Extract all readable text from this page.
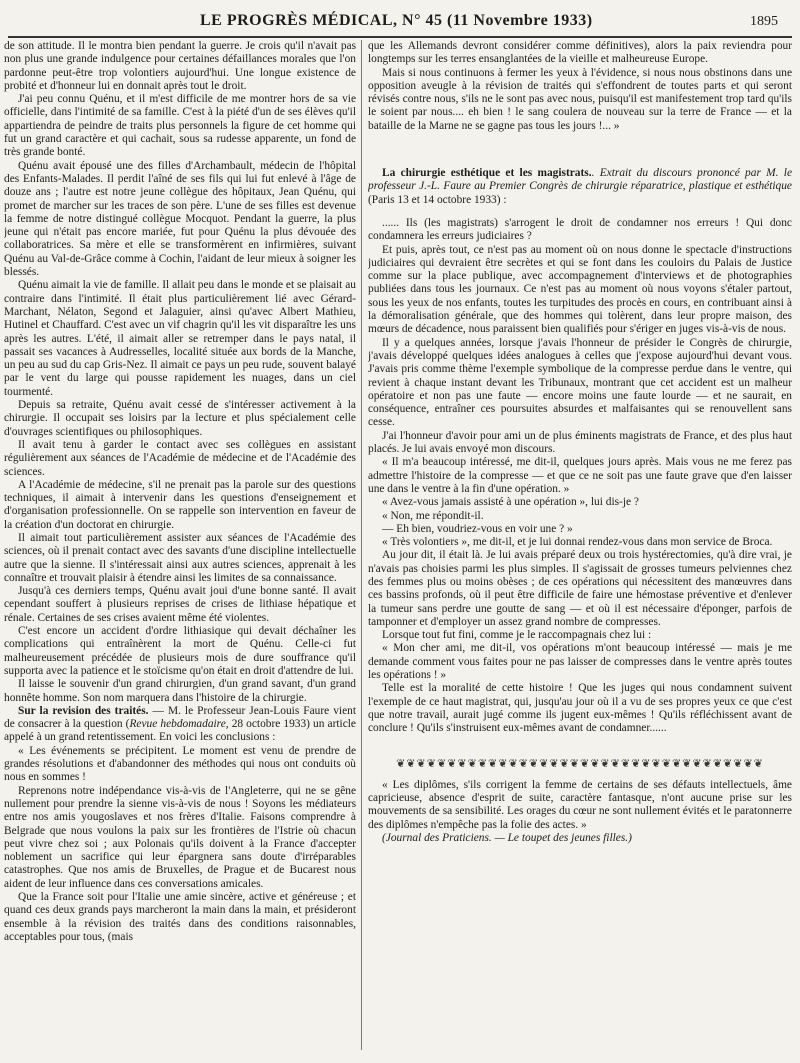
LE PROGRÈS MÉDICAL, N° 45 (11 Novembre 1933)	1895

de son attitude. Il le montra bien pendant la guerre. Je crois qu'il n'avait pas non plus une grande indulgence pour certaines défaillances morales que l'on pardonne peut-être trop volontiers aujourd'hui. Une longue existence de probité et d'honneur lui en donnait après tout le droit.

J'ai peu connu Quénu, et il m'est difficile de me montrer hors de sa vie officielle, dans l'intimité de sa famille. C'est à la piété d'un de ses élèves qu'il appartiendra de peindre de traits plus personnels la figure de cet homme qui fut un grand caractère et qui cachait, sous sa rudesse apparente, un fond de très grande bonté.

Quénu avait épousé une des filles d'Archambault, médecin de l'hôpital des Enfants-Malades. Il perdit l'aîné de ses fils qui lui fut enlevé à l'âge de douze ans ; l'autre est notre jeune collègue des hôpitaux, Jean Quénu, qui promet de marcher sur les traces de son père. L'une de ses filles est devenue la femme de notre distingué collègue Mocquot. Pendant la guerre, la plus jeune qui n'était pas encore mariée, fut pour Quénu la plus dévouée des collaboratrices. Sa mère et elle se transformèrent en infirmières, suivant Quénu au Val-de-Grâce comme à Cochin, l'aidant de leur mieux à soigner les blessés.

Quénu aimait la vie de famille. Il allait peu dans le monde et se plaisait au contraire dans l'intimité. Il était plus particulièrement lié avec Gérard-Marchant, Nélaton, Segond et Jalaguier, ainsi qu'avec Albert Mathieu, Hutinel et Chauffard. C'est avec un vif chagrin qu'il les vit disparaître les uns après les autres. L'été, il aimait aller se retremper dans le pays natal, il passait ses vacances à Audresselles, localité située aux bords de la Manche, un peu au sud du cap Gris-Nez. Il aimait ce pays un peu rude, souvent balayé par le vent du large qui pousse rapidement les nuages, dans un ciel tourmenté.

Depuis sa retraite, Quénu avait cessé de s'intéresser activement à la chirurgie. Il occupait ses loisirs par la lecture et plus spécialement celle d'ouvrages scientifiques ou philosophiques.

Il avait tenu à garder le contact avec ses collègues en assistant régulièrement aux séances de l'Académie de médecine et de l'Académie des sciences.

A l'Académie de médecine, s'il ne prenait pas la parole sur des questions techniques, il aimait à intervenir dans les questions d'enseignement et d'organisation professionnelle. On se rappelle son intervention en faveur de la création d'un doctorat en chirurgie.

Il aimait tout particulièrement assister aux séances de l'Académie des sciences, où il prenait contact avec des savants d'une discipline intellectuelle autre que la sienne. Il s'intéressait ainsi aux autres sciences, apprenait à les connaître et trouvait plaisir à étendre ainsi les limites de sa connaissance.

Jusqu'à ces derniers temps, Quénu avait joui d'une bonne santé. Il avait cependant souffert à plusieurs reprises de crises de lithiase hépatique et rénale. Certaines de ses crises avaient même été violentes.

C'est encore un accident d'ordre lithiasique qui devait déchaîner les complications qui entraînèrent la mort de Quénu. Celle-ci fut malheureusement précédée de plusieurs mois de dure souffrance qu'il supporta avec la patience et le stoïcisme qu'on était en droit d'attendre de lui.

Il laisse le souvenir d'un grand chirurgien, d'un grand savant, d'un grand honnête homme. Son nom marquera dans l'histoire de la chirurgie.

Sur la revision des traités. — M. le Professeur Jean-Louis Faure vient de consacrer à la question (Revue hebdomadaire, 28 octobre 1933) un article appelé à un grand retentissement. En voici les conclusions :

« Les événements se précipitent. Le moment est venu de prendre de grandes résolutions et d'abandonner des méthodes qui nous ont conduits où nous en sommes !

Reprenons notre indépendance vis-à-vis de l'Angleterre, qui ne se gêne nullement pour prendre la sienne vis-à-vis de nous ! Soyons les médiateurs entre nos amis yougoslaves et nos frères d'Italie. Faisons comprendre à Belgrade que nous voulons la paix sur les frontières de l'Istrie où chacun peut vivre chez soi ; aux Polonais qu'ils doivent à la France d'accepter noblement un sacrifice qui leur épargnera sans doute d'irréparables catastrophes. Que nos amis de Bruxelles, de Prague et de Bucarest nous aident de leur influence dans ces conversations amicales.

Que la France soit pour l'Italie une amie sincère, active et généreuse ; et quand ces deux grands pays marcheront la main dans la main, et présideront ensemble à la révision des traités dans des conditions raisonnables, acceptables pour tous, (mais

que les Allemands devront considérer comme définitives), alors la paix reviendra pour longtemps sur les terres ensanglantées de la vieille et malheureuse Europe.

Mais si nous continuons à fermer les yeux à l'évidence, si nous nous obstinons dans une opposition aveugle à la révision de traités qui s'effondrent de toutes parts et qui seront révisés contre nous, s'ils ne le sont pas avec nous, puisqu'il est manifestement trop tard qu'ils le soient par nous.... eh bien ! le sang coulera de nouveau sur la terre de France — et la bataille de la Marne ne se gagne pas tous les jours !... »

La chirurgie esthétique et les magistrats.. Extrait du discours prononcé par M. le professeur J.-L. Faure au Premier Congrès de chirurgie réparatrice, plastique et esthétique (Paris 13 et 14 octobre 1933) :

...... Ils (les magistrats) s'arrogent le droit de condamner nos erreurs ! Qui donc condamnera les erreurs judiciaires ?

Et puis, après tout, ce n'est pas au moment où on nous donne le spectacle d'instructions judiciaires qui devraient être secrètes et qui se font dans les couloirs du Palais de Justice comme sur la place publique, avec accompagnement d'interviews et de photographies publiées dans tous les journaux. Ce n'est pas au moment où nous voyons s'étaler partout, sous les yeux de nos enfants, toutes les turpitudes des procès en cours, en contribuant ainsi à la démoralisation générale, que des hommes qui tolèrent, dans leur propre maison, des mœurs de décadence, nous paraissent bien qualifiés pour s'ériger en juges vis-à-vis de nous.

Il y a quelques années, lorsque j'avais l'honneur de présider le Congrès de chirurgie, j'avais développé quelques idées analogues à celles que j'expose aujourd'hui devant vous. J'avais pris comme thème l'exemple symbolique de la compresse perdue dans le ventre, qui revient à chaque instant devant les Tribunaux, montrant que cet accident est un malheur opératoire et non pas une faute — encore moins une faute lourde — et ne saurait, en conséquence, entraîner ces poursuites absurdes et malfaisantes qui se renouvellent sans cesse.

J'ai l'honneur d'avoir pour ami un de plus éminents magistrats de France, et des plus haut placés. Je lui avais envoyé mon discours.

« Il m'a beaucoup intéressé, me dit-il, quelques jours après. Mais vous ne me ferez pas admettre l'histoire de la compresse — et que ce ne soit pas une faute grave que d'en laisser une dans le ventre à la fin d'une opération. »

« Avez-vous jamais assisté à une opération », lui dis-je ?

« Non, me répondit-il.

— Eh bien, voudriez-vous en voir une ? »

« Très volontiers », me dit-il, et je lui donnai rendez-vous dans mon service de Broca.

Au jour dit, il était là. Je lui avais préparé deux ou trois hystérectomies, qu'à dire vrai, je n'avais pas choisies parmi les plus simples. Il s'agissait de grosses tumeurs pelviennes chez des femmes plus ou moins obèses ; de ces opérations qui nécessitent des manœuvres dans ces bassins profonds, où il peut être difficile de faire une hémostase préventive et d'enlever la tumeur sans perdre une goutte de sang — et où il est nécessaire d'éponger, parfois de tamponner et d'employer un assez grand nombre de compresses.

Lorsque tout fut fini, comme je le raccompagnais chez lui :

« Mon cher ami, me dit-il, vos opérations m'ont beaucoup intéressé — mais je me demande comment vous faites pour ne pas laisser de compresses dans le ventre après toutes les opérations ! »

Telle est la moralité de cette histoire ! Que les juges qui nous condamnent suivent l'exemple de ce haut magistrat, qui, jusqu'au jour où il a vu de ses propres yeux ce que c'est que notre travail, aurait jugé comme ils jugent eux-mêmes ! Qu'ils réfléchissent avant de conclure ! Qu'ils s'instruisent eux-mêmes avant de condamner......

❦❦❦❦❦❦❦❦❦❦❦❦❦❦❦❦❦❦❦❦❦❦❦❦❦❦❦❦❦❦❦❦❦❦❦❦

« Les diplômes, s'ils corrigent la femme de certains de ses défauts intellectuels, âme capricieuse, absence d'esprit de suite, caractère fantasque, n'ont aucune prise sur les mouvements de sa sensibilité. Les orages du cœur ne sont nullement évités et le paratonnerre des diplômes n'empêche pas la folie des actes. »

(Journal des Praticiens. — Le toupet des jeunes filles.)
